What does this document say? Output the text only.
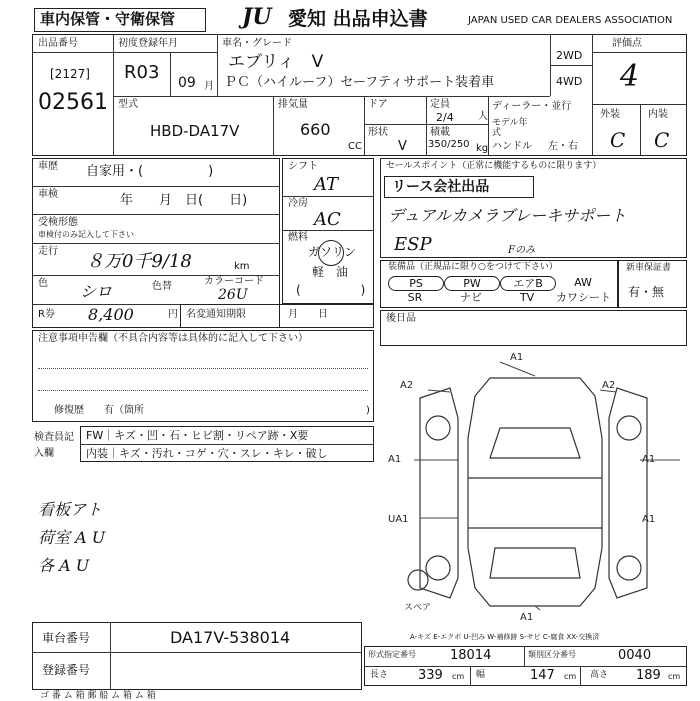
車内保管・守衛保管	JU 愛知 出品申込書	JAPAN USED CAR DEALERS ASSOCIATION
出品番号
[2127]
02561
初度登録年月
R03 09 月
車名・グレード
エブリィ　V
ＰＣ（ハイルーフ）セーフティサポート装着車
2WD
4WD
評価点
4
外装	内装
C C
型式
HBD-DA17V
排気量
660
CC
ドア	定員
2/4 人
形状
V
積載
350/250 kg
ディーラー・並行
モデル年式
ハンドル 左・右
車歴 自家用・(　　　　　)
車検	年　　月　日(　　日)
受検形態
車検付のみ記入して下さい
走行 ８万0千9/18	km
色 シロ	色替	カラーコード
26U
R券 8,400	円 名変通知期限	月　　日
シフト
AT
冷房
AC
燃料
ガソリン
軽　油
(　　　　　)
セールスポイント（正常に機能するものに限ります）
リース会社出品
デュアルカメラブレーキサポート
ESP	Fのみ
装備品（正規品に限り○をつけて下さい）
PS	PW	エアB	AW
SR	ナビ	TV	カワシート
新車保証書
有・無
後日品
注意事項申告欄（不具合内容等は具体的に記入して下さい）
修復歴　　有（箇所	)
検査員記入欄
FW｜キズ・凹・石・ヒビ割・リペア跡・X要
内装｜キズ・汚れ・コゲ・穴・スレ・キレ・破し
看板アト
荷室 A U
各 A U
A1
A2	A2
A1	A1
UA1
A1
A1
スペア
A-キズ E-エクボ U-凹み W-補修跡 S-サビ C-腐食 XX-交換済
形式指定番号	18014	類別区分番号	0040
長さ 339 cm 幅	147 cm 高さ 189 cm
車台番号	DA17V-538014
登録番号
ゴ 番 ム 箱 郵 船 ム 箱 ム 箱
